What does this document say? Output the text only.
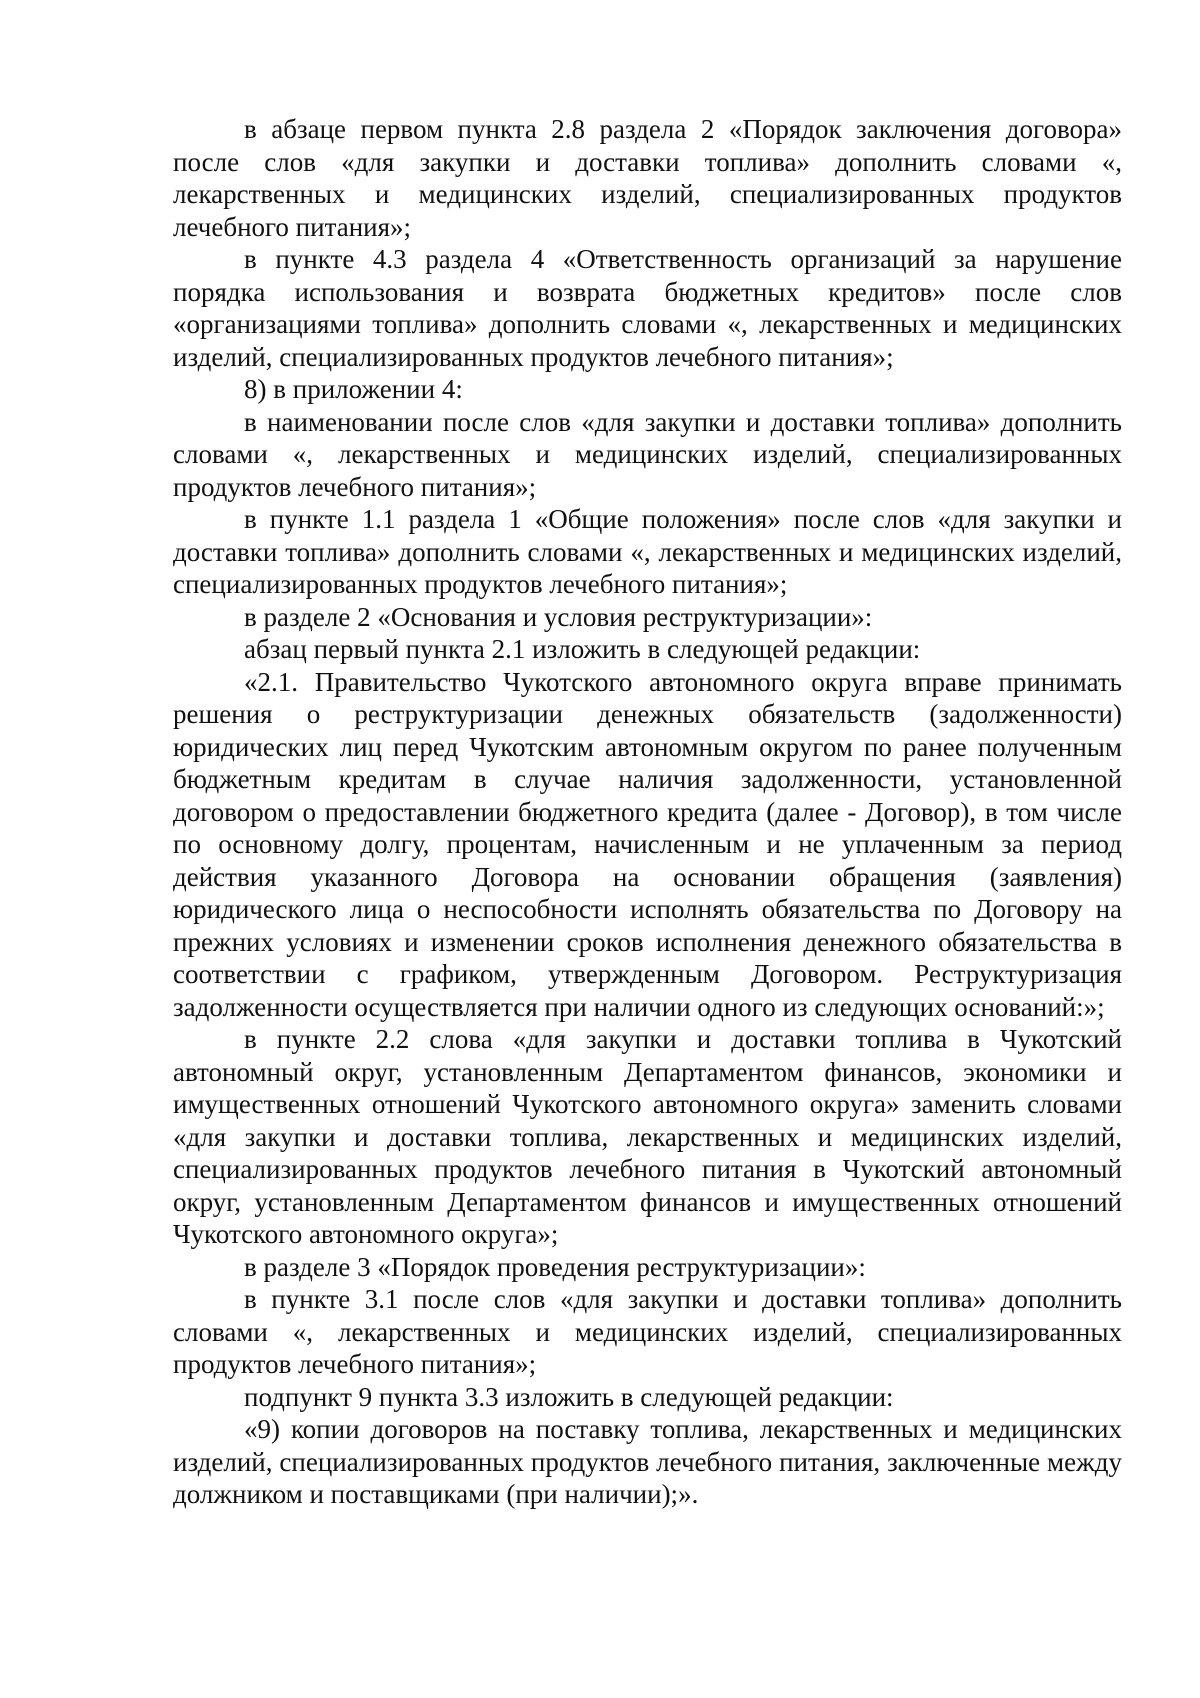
в абзаце первом пункта 2.8 раздела 2 «Порядок заключения договора» после слов «для закупки и доставки топлива» дополнить словами «, лекарственных и медицинских изделий, специализированных продуктов лечебного питания»;

в пункте 4.3 раздела 4 «Ответственность организаций за нарушение порядка использования и возврата бюджетных кредитов» после слов «организациями топлива» дополнить словами «, лекарственных и медицинских изделий, специализированных продуктов лечебного питания»;

8) в приложении 4:

в наименовании после слов «для закупки и доставки топлива» дополнить словами «, лекарственных и медицинских изделий, специализированных продуктов лечебного питания»;

в пункте 1.1 раздела 1 «Общие положения» после слов «для закупки и доставки топлива» дополнить словами «, лекарственных и медицинских изделий, специализированных продуктов лечебного питания»;

в разделе 2 «Основания и условия реструктуризации»:

абзац первый пункта 2.1 изложить в следующей редакции:

«2.1. Правительство Чукотского автономного округа вправе принимать решения о реструктуризации денежных обязательств (задолженности) юридических лиц перед Чукотским автономным округом по ранее полученным бюджетным кредитам в случае наличия задолженности, установленной договором о предоставлении бюджетного кредита (далее - Договор), в том числе по основному долгу, процентам, начисленным и не уплаченным за период действия указанного Договора на основании обращения (заявления) юридического лица о неспособности исполнять обязательства по Договору на прежних условиях и изменении сроков исполнения денежного обязательства в соответствии с графиком, утвержденным Договором. Реструктуризация задолженности осуществляется при наличии одного из следующих оснований:»;

в пункте 2.2 слова «для закупки и доставки топлива в Чукотский автономный округ, установленным Департаментом финансов, экономики и имущественных отношений Чукотского автономного округа» заменить словами «для закупки и доставки топлива, лекарственных и медицинских изделий, специализированных продуктов лечебного питания в Чукотский автономный округ, установленным Департаментом финансов и имущественных отношений Чукотского автономного округа»;

в разделе 3 «Порядок проведения реструктуризации»:

в пункте 3.1 после слов «для закупки и доставки топлива» дополнить словами «, лекарственных и медицинских изделий, специализированных продуктов лечебного питания»;

подпункт 9 пункта 3.3 изложить в следующей редакции:

«9) копии договоров на поставку топлива, лекарственных и медицинских изделий, специализированных продуктов лечебного питания, заключенные между должником и поставщиками (при наличии);».
